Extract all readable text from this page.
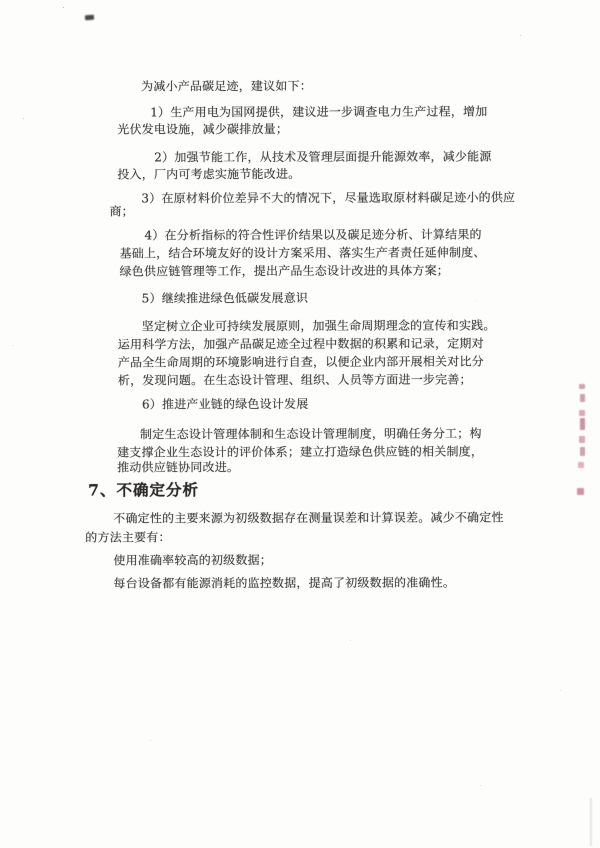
为减小产品碳足迹，建议如下：
1）生产用电为国网提供，建议进一步调查电力生产过程，增加
光伏发电设施，减少碳排放量；
2）加强节能工作，从技术及管理层面提升能源效率，减少能源
投入，厂内可考虑实施节能改进。
3）在原材料价位差异不大的情况下，尽量选取原材料碳足迹小的供应
商；
4）在分析指标的符合性评价结果以及碳足迹分析、计算结果的
基础上，结合环境友好的设计方案采用、落实生产者责任延伸制度、
绿色供应链管理等工作，提出产品生态设计改进的具体方案；
5）继续推进绿色低碳发展意识
坚定树立企业可持续发展原则，加强生命周期理念的宣传和实践。
运用科学方法，加强产品碳足迹全过程中数据的积累和记录，定期对
产品全生命周期的环境影响进行自查，以便企业内部开展相关对比分
析，发现问题。在生态设计管理、组织、人员等方面进一步完善；
6）推进产业链的绿色设计发展
制定生态设计管理体制和生态设计管理制度，明确任务分工；构
建支撑企业生态设计的评价体系；建立打造绿色供应链的相关制度，
推动供应链协同改进。
7、不确定分析
不确定性的主要来源为初级数据存在测量误差和计算误差。减少不确定性
的方法主要有：
使用准确率较高的初级数据；
每台设备都有能源消耗的监控数据，提高了初级数据的准确性。
